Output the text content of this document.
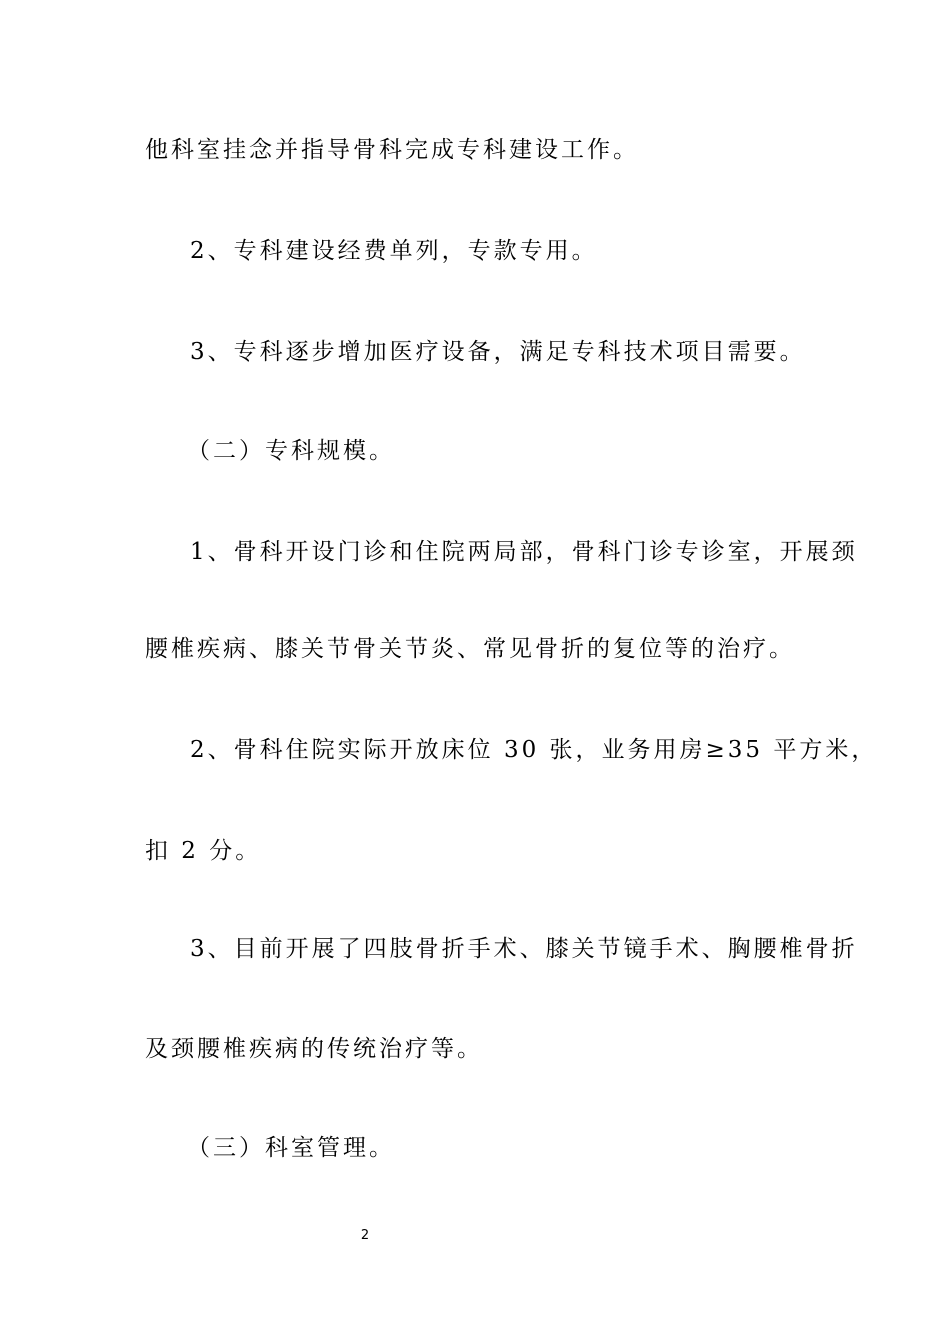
他科室挂念并指导骨科完成专科建设工作。
2、专科建设经费单列，专款专用。
3、专科逐步增加医疗设备，满足专科技术项目需要。
（二）专科规模。
1、骨科开设门诊和住院两局部，骨科门诊专诊室，开展颈
腰椎疾病、膝关节骨关节炎、常见骨折的复位等的治疗。
2、骨科住院实际开放床位 30 张，业务用房≥35 平方米，
扣 2 分。
3、目前开展了四肢骨折手术、膝关节镜手术、胸腰椎骨折
及颈腰椎疾病的传统治疗等。
（三）科室管理。
2
